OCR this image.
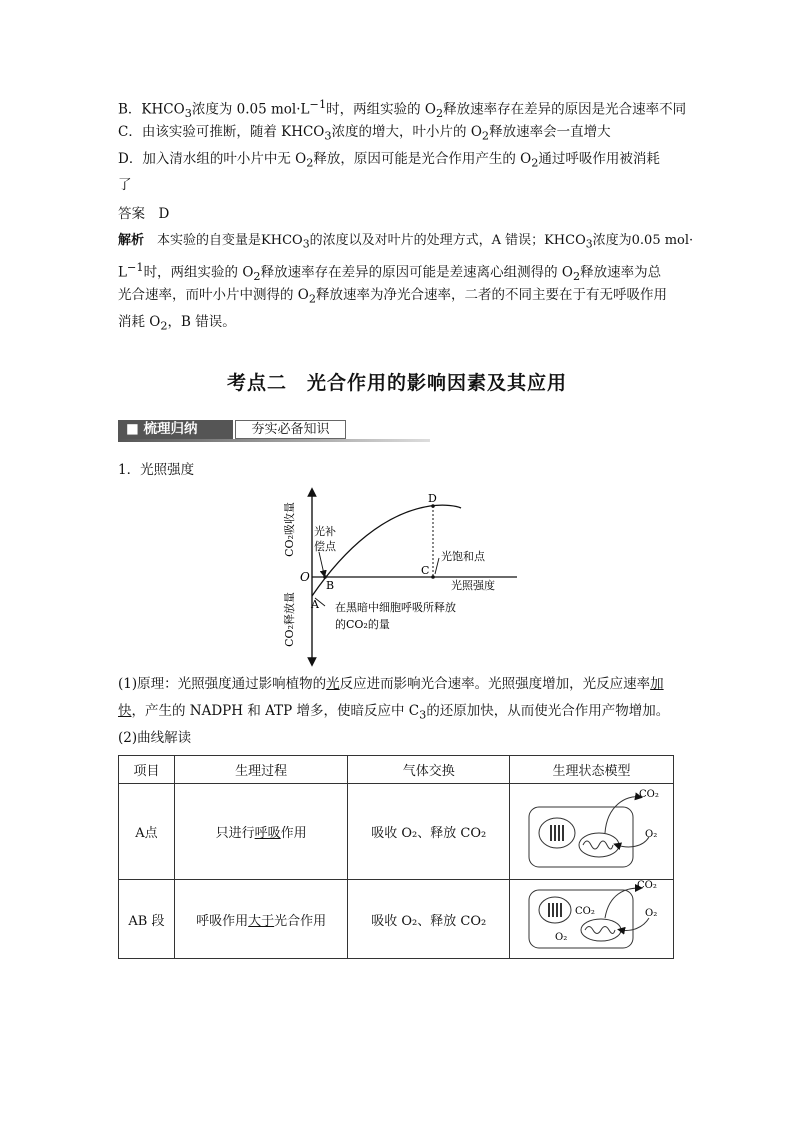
B．$KHCO_3$浓度为 0.05 $mol\cdot L^{-1}$时，两组实验的 $O_2$释放速率存在差异的原因是光合速率不同
C．由该实验可推断，随着 $KHCO_3$浓度的增大，叶小片的 $O_2$释放速率会一直增大
D．加入清水组的叶小片中无 $O_2$释放，原因可能是光合作用产生的 $O_2$通过呼吸作用被消耗
了
答案　 D
解析　 本实验的自变量是$KHCO_3$的浓度以及对叶片的处理方式，A 错误；$KHCO_3$浓度为0.05 mol·
$L^{-1}$时，两组实验的 $O_2$释放速率存在差异的原因可能是差速离心组测得的 $O_2$释放速率为总
光合速率，而叶小片中测得的 $O_2$释放速率为净光合速率，二者的不同主要在于有无呼吸作用
消耗 $O_2$，B 错误。
考点二　光合作用的影响因素及其应用
■ 梳理归纳	夯实必备知识
1．光照强度
CO₂吸收量
CO₂释放量
O
A
B
C
D
光补
偿点
光饱和点
光照强度
在黑暗中细胞呼吸所释放
的CO₂的量
(1)原理：光照强度通过影响植物的光反应进而影响光合速率。光照强度增加，光反应速率加
快，产生的 NADPH 和 ATP 增多，使暗反应中 $C_3$的还原加快，从而使光合作用产物增加。
(2)曲线解读
项目	生理过程	气体交换	生理状态模型
A点	只进行呼吸作用	吸收 O₂、释放 CO₂	CO₂
O₂

AB 段	呼吸作用大于光合作用	吸收 O₂、释放 CO₂	CO₂
O₂
CO₂
O₂
